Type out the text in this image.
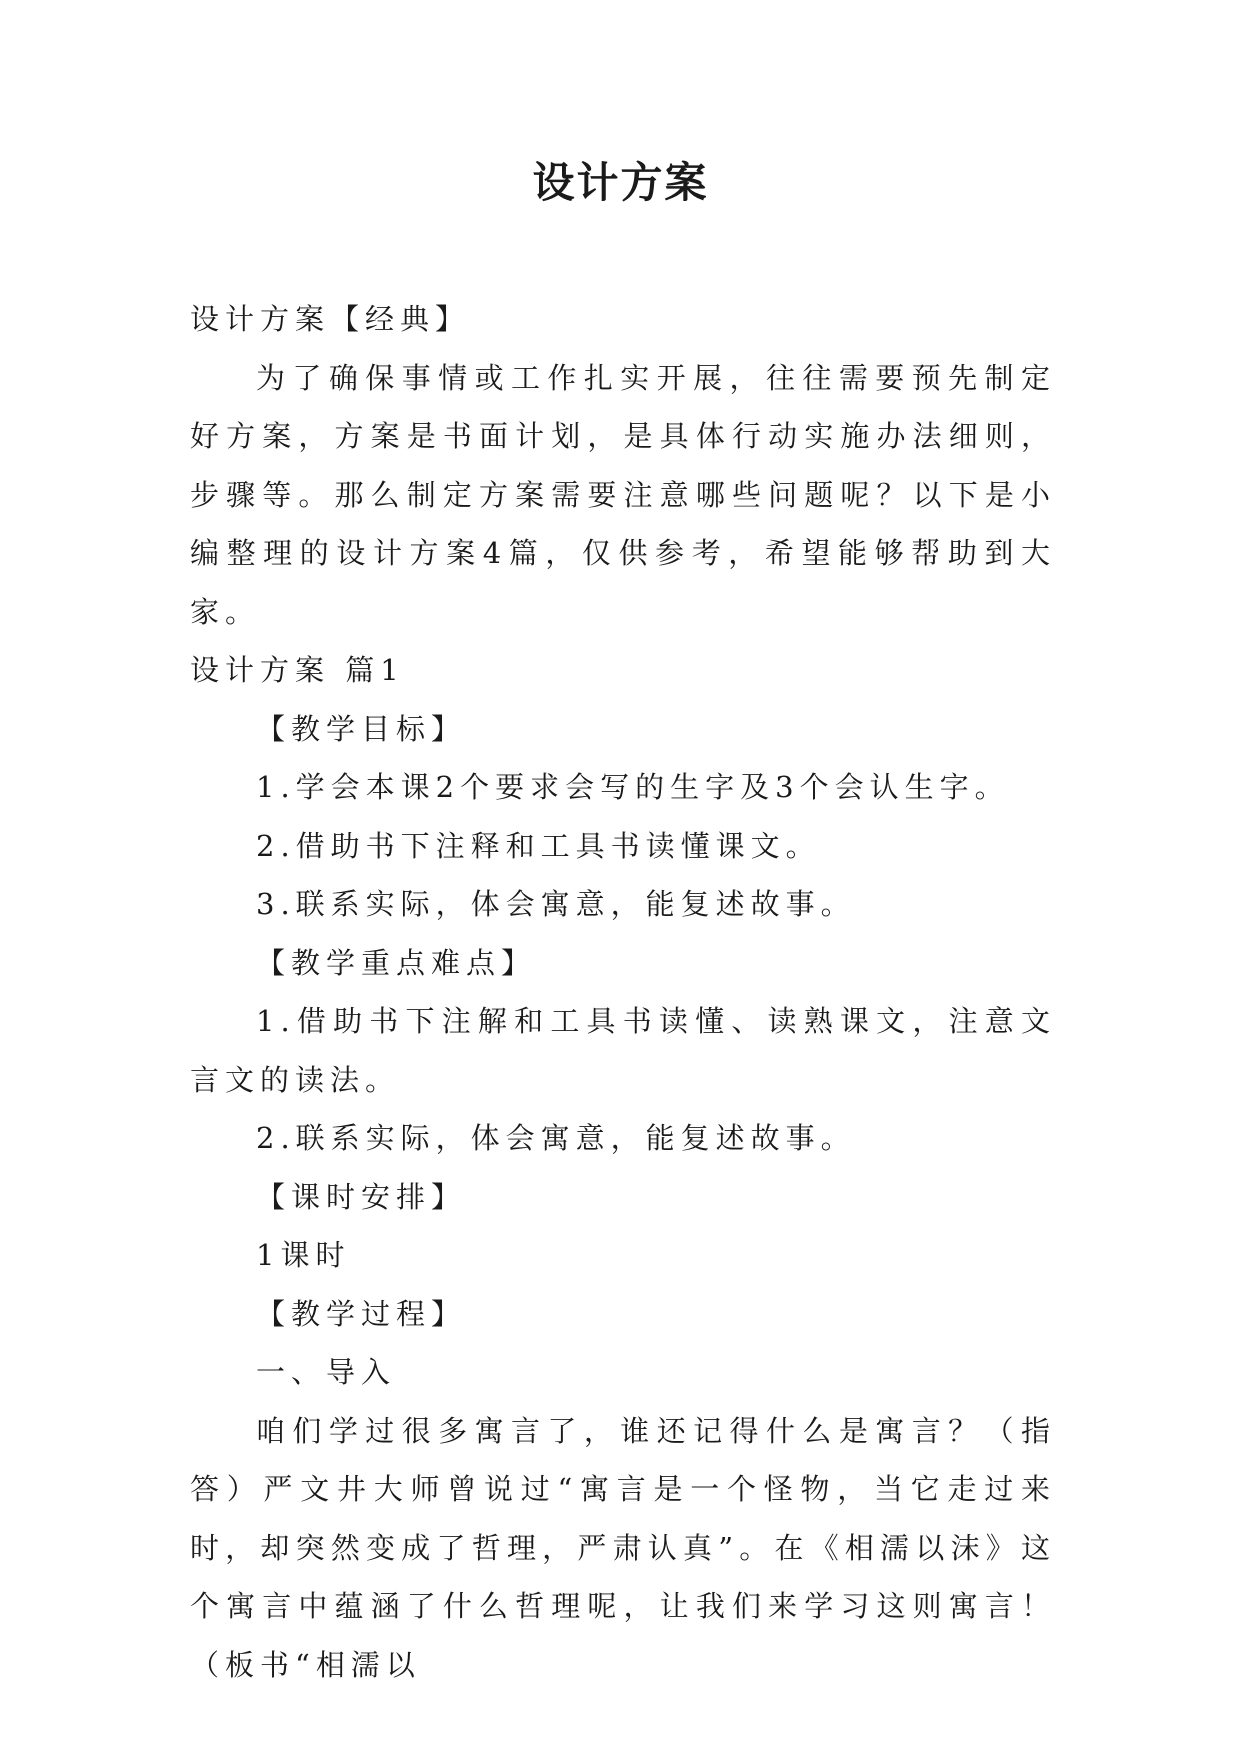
设计方案

设计方案【经典】

为了确保事情或工作扎实开展，往往需要预先制定好方案，方案是书面计划，是具体行动实施办法细则，步骤等。那么制定方案需要注意哪些问题呢？以下是小编整理的设计方案4篇，仅供参考，希望能够帮助到大家。

设计方案 篇1

【教学目标】

1.学会本课2个要求会写的生字及3个会认生字。

2.借助书下注释和工具书读懂课文。

3.联系实际，体会寓意，能复述故事。

【教学重点难点】

1.借助书下注解和工具书读懂、读熟课文，注意文言文的读法。

2.联系实际，体会寓意，能复述故事。

【课时安排】

1课时

【教学过程】

一、导入

咱们学过很多寓言了，谁还记得什么是寓言？（指答）严文井大师曾说过“寓言是一个怪物，当它走过来时，却突然变成了哲理，严肃认真”。在《相濡以沫》这个寓言中蕴涵了什么哲理呢，让我们来学习这则寓言！（板书“相濡以
